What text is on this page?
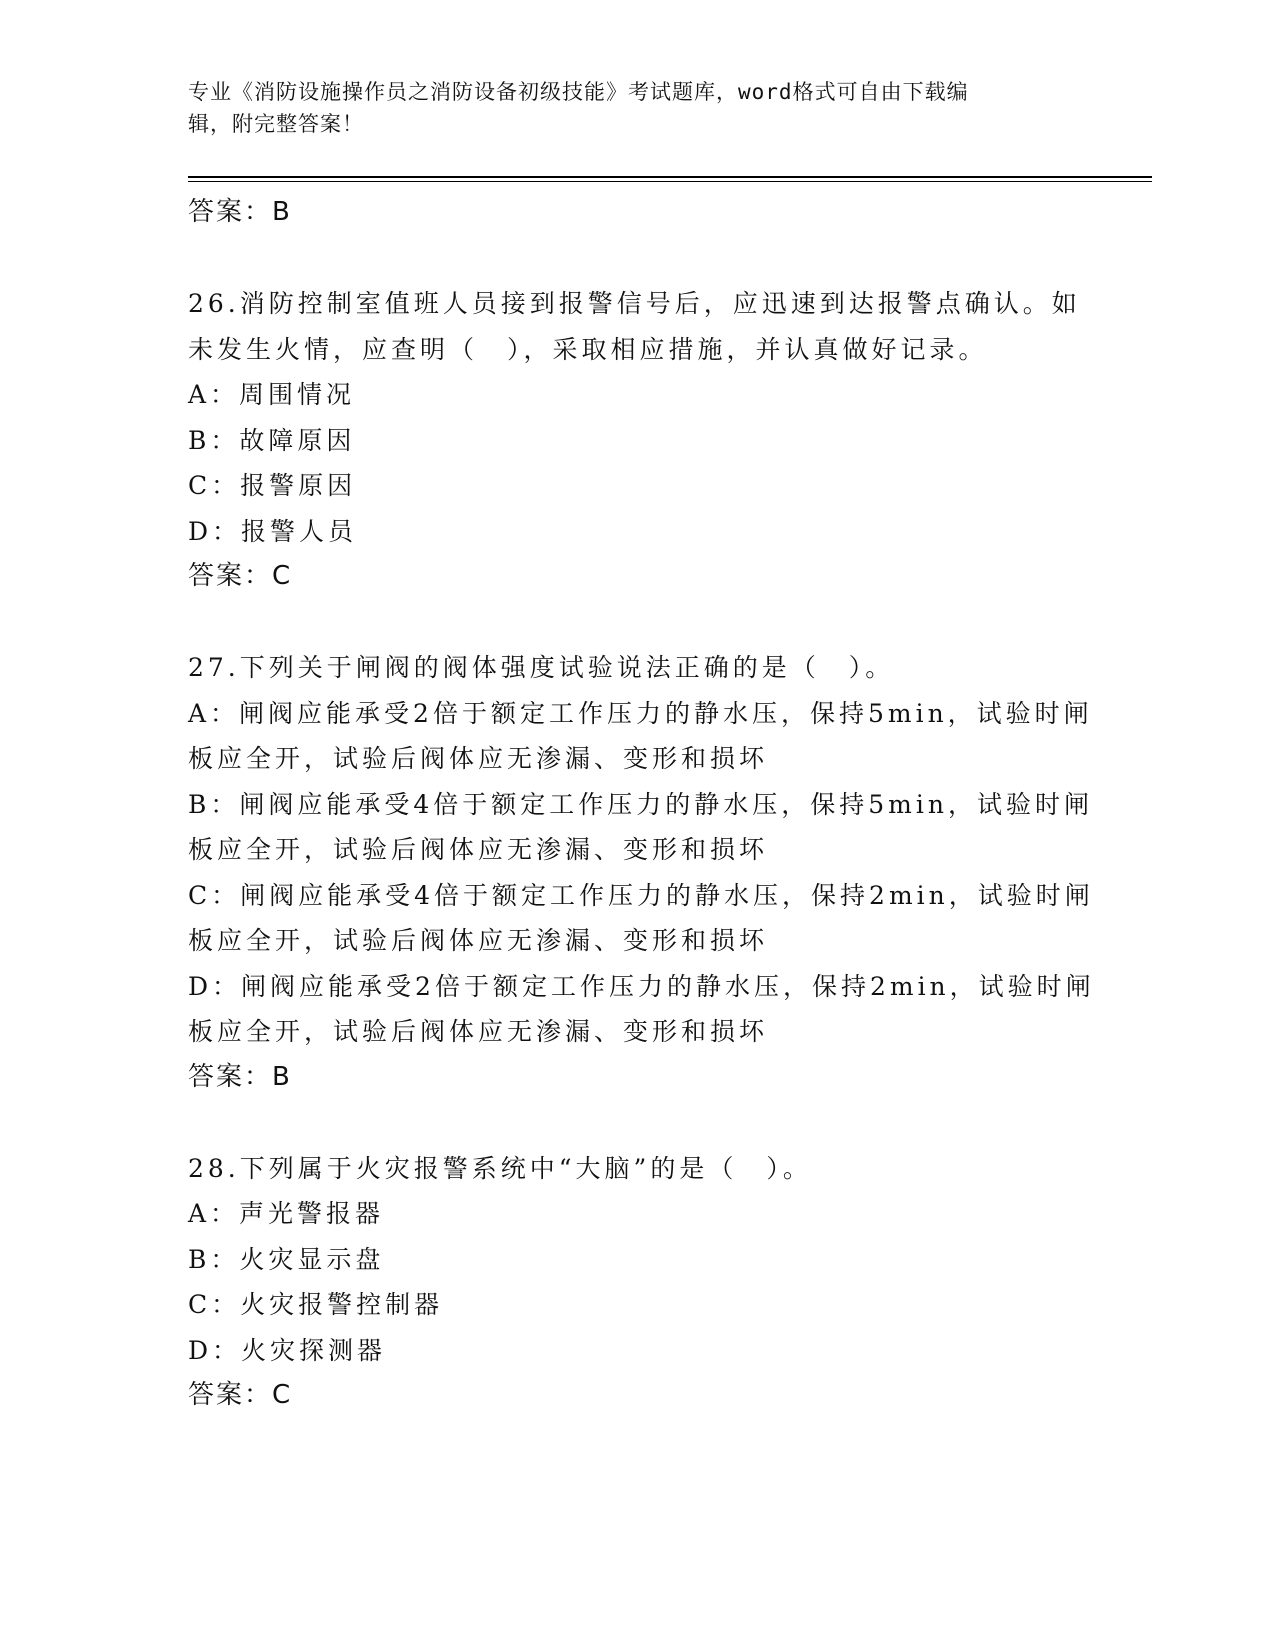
专业《消防设施操作员之消防设备初级技能》考试题库，word格式可自由下载编
辑，附完整答案！
答案：B
26.消防控制室值班人员接到报警信号后，应迅速到达报警点确认。如
未发生火情，应查明（　），采取相应措施，并认真做好记录。
A：周围情况
B：故障原因
C：报警原因
D：报警人员
答案：C
27.下列关于闸阀的阀体强度试验说法正确的是（　）。
A：闸阀应能承受2倍于额定工作压力的静水压，保持5min，试验时闸
板应全开，试验后阀体应无渗漏、变形和损坏
B：闸阀应能承受4倍于额定工作压力的静水压，保持5min，试验时闸
板应全开，试验后阀体应无渗漏、变形和损坏
C：闸阀应能承受4倍于额定工作压力的静水压，保持2min，试验时闸
板应全开，试验后阀体应无渗漏、变形和损坏
D：闸阀应能承受2倍于额定工作压力的静水压，保持2min，试验时闸
板应全开，试验后阀体应无渗漏、变形和损坏
答案：B
28.下列属于火灾报警系统中“大脑”的是（　）。
A：声光警报器
B：火灾显示盘
C：火灾报警控制器
D：火灾探测器
答案：C
